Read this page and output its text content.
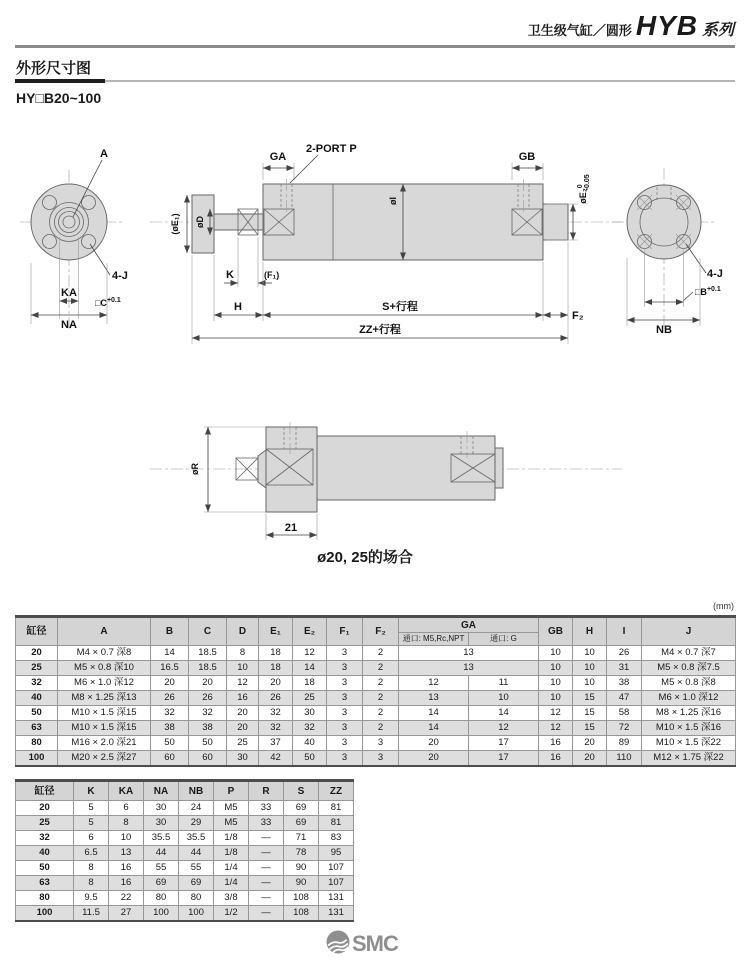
卫生级气缸／圆形 HYB 系列
外形尺寸图
HY□B20~100
A
4-J
KA
$□C^{+0.1}$
NA
(øE₁) øD
øI	øE₂$^0$-0.05
GA
2-PORT P
GB
K	(F₁)
H	S+行程
F₂
ZZ+行程
4-J
$□B^{+0.1}$
NB
øR
21
ø20, 25的场合
(mm)
缸径	A	B	C	D	E₁	E₂	F₁	F₂	GA		GB	H	I	J
									通口: M5,Rc,NPT	通口: G				
20	M4 × 0.7 深8	14	18.5	8	18	12	3	2	13		10	10	26	M4 × 0.7 深7
25	M5 × 0.8 深10	16.5	18.5	10	18	14	3	2	13		10	10	31	M5 × 0.8 深7.5
32	M6 × 1.0 深12	20	20	12	20	18	3	2	12	11	10	10	38	M5 × 0.8 深8
40	M8 × 1.25 深13	26	26	16	26	25	3	2	13	10	10	15	47	M6 × 1.0 深12
50	M10 × 1.5 深15	32	32	20	32	30	3	2	14	14	12	15	58	M8 × 1.25 深16
63	M10 × 1.5 深15	38	38	20	32	32	3	2	14	12	12	15	72	M10 × 1.5 深16
80	M16 × 2.0 深21	50	50	25	37	40	3	3	20	17	16	20	89	M10 × 1.5 深22
100	M20 × 2.5 深27	60	60	30	42	50	3	3	20	17	16	20	110	M12 × 1.75 深22
缸径	K	KA	NA	NB	P	R	S	ZZ
20	5	6	30	24	M5	33	69	81
25	5	8	30	29	M5	33	69	81
32	6	10	35.5	35.5	1/8	—	71	83
40	6.5	13	44	44	1/8	—	78	95
50	8	16	55	55	1/4	—	90	107
63	8	16	69	69	1/4	—	90	107
80	9.5	22	80	80	3/8	—	108	131
100	11.5	27	100	100	1/2	—	108	131
SMC
